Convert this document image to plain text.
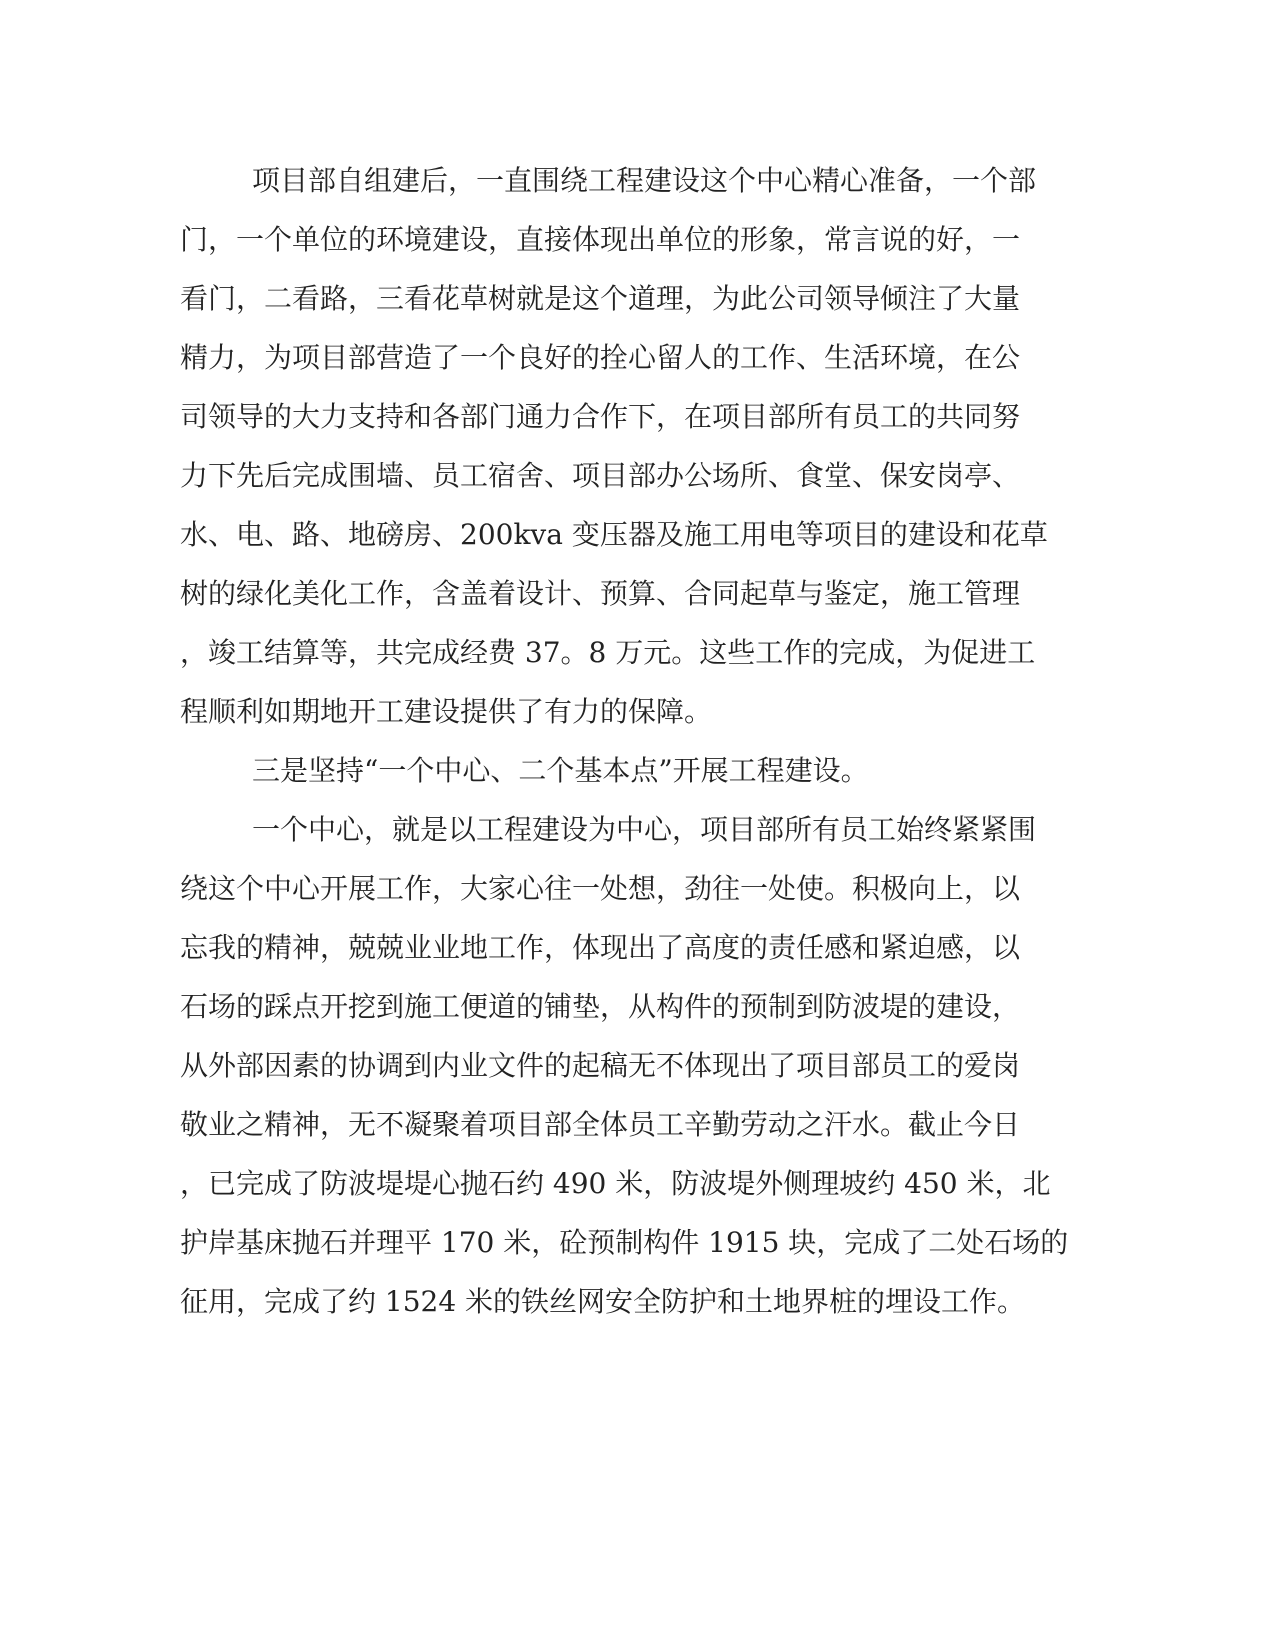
项目部自组建后，一直围绕工程建设这个中心精心准备，一个部
门，一个单位的环境建设，直接体现出单位的形象，常言说的好，一
看门，二看路，三看花草树就是这个道理，为此公司领导倾注了大量
精力，为项目部营造了一个良好的拴心留人的工作、生活环境，在公
司领导的大力支持和各部门通力合作下，在项目部所有员工的共同努
力下先后完成围墙、员工宿舍、项目部办公场所、食堂、保安岗亭、
水、电、路、地磅房、200kva 变压器及施工用电等项目的建设和花草
树的绿化美化工作，含盖着设计、预算、合同起草与鉴定，施工管理
，竣工结算等，共完成经费 37。8 万元。这些工作的完成，为促进工
程顺利如期地开工建设提供了有力的保障。
三是坚持“一个中心、二个基本点”开展工程建设。
一个中心，就是以工程建设为中心，项目部所有员工始终紧紧围
绕这个中心开展工作，大家心往一处想，劲往一处使。积极向上，以
忘我的精神，兢兢业业地工作，体现出了高度的责任感和紧迫感，以
石场的踩点开挖到施工便道的铺垫，从构件的预制到防波堤的建设，
从外部因素的协调到内业文件的起稿无不体现出了项目部员工的爱岗
敬业之精神，无不凝聚着项目部全体员工辛勤劳动之汗水。截止今日
，已完成了防波堤堤心抛石约 490 米，防波堤外侧理坡约 450 米，北
护岸基床抛石并理平 170 米，砼预制构件 1915 块，完成了二处石场的
征用，完成了约 1524 米的铁丝网安全防护和土地界桩的埋设工作。
